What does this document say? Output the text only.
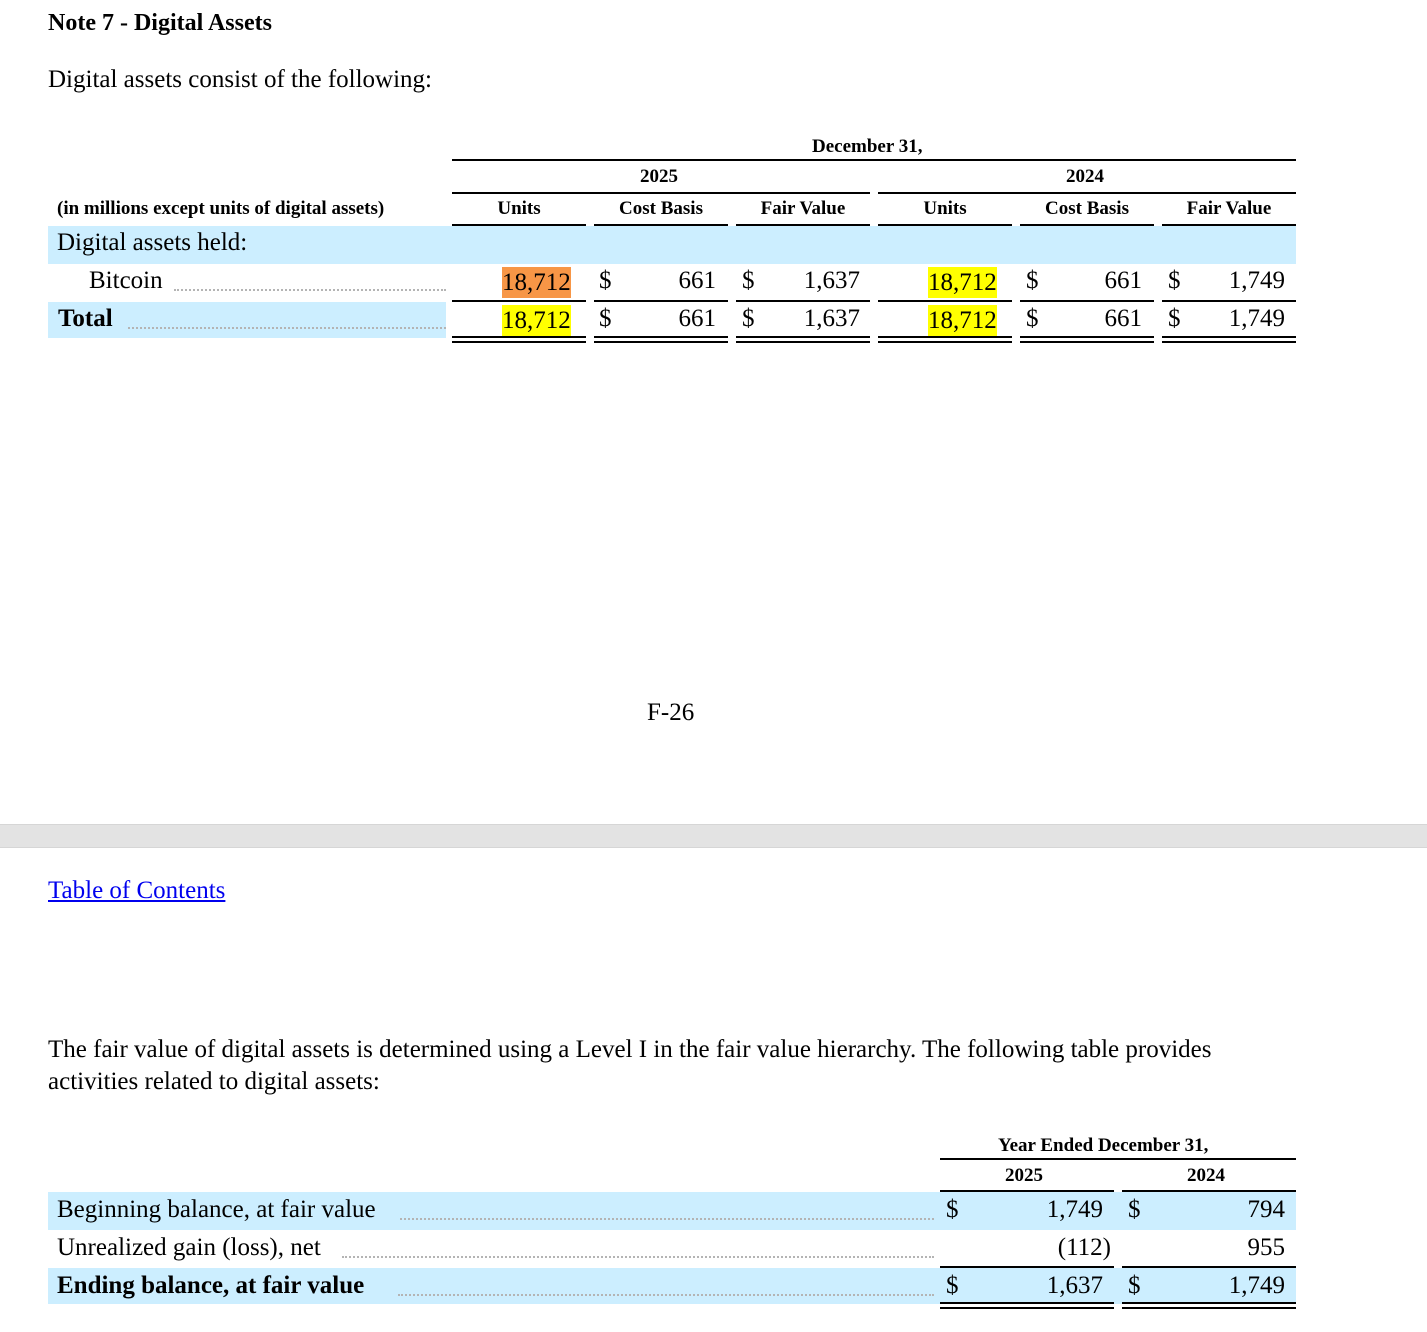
Note 7 - Digital Assets
Digital assets consist of the following:
December 31,
2025	2024
(in millions except units of digital assets)	Units	Cost Basis	Fair Value	Units	Cost Basis	Fair Value
Digital assets held:
Bitcoin	18,712 $	661 $	1,637	18,712 $	661 $	1,749
Total	18,712 $	661 $	1,637	18,712 $	661 $	1,749
F-26
Table of Contents
The fair value of digital assets is determined using a Level I in the fair value hierarchy. The following table provides activities related to digital assets:
Year Ended December 31,
2025	2024
Beginning balance, at fair value	$	1,749 $	794
Unrealized gain (loss), net	(112)	955
Ending balance, at fair value	$	1,637 $	1,749
